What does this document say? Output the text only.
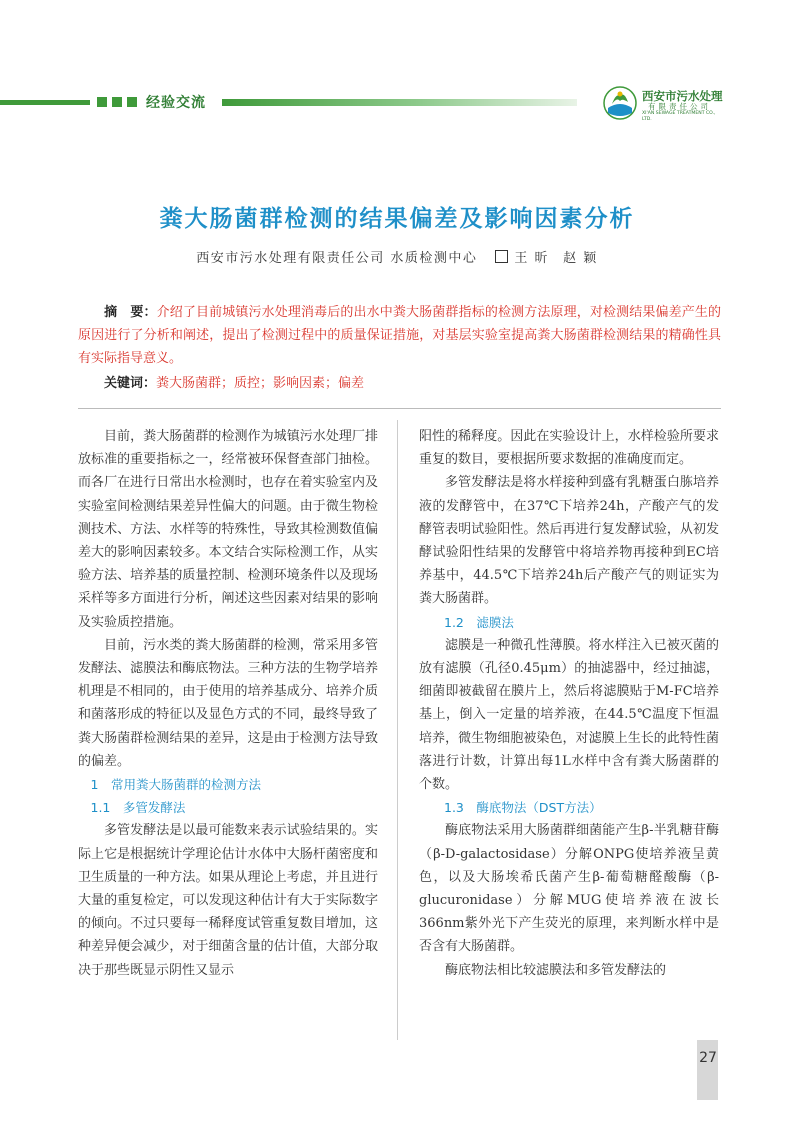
经验交流	西安市污水处理
有限责任公司
XI'AN SEWAGE TREATMENT CO., LTD.
粪大肠菌群检测的结果偏差及影响因素分析
西安市污水处理有限责任公司 水质检测中心	王 昕 赵 颖
摘　要：介绍了目前城镇污水处理消毒后的出水中粪大肠菌群指标的检测方法原理，对检测结果偏差产生的原因进行了分析和阐述，提出了检测过程中的质量保证措施，对基层实验室提高粪大肠菌群检测结果的精确性具有实际指导意义。
关键词：粪大肠菌群；质控；影响因素；偏差

目前，粪大肠菌群的检测作为城镇污水处理厂排放标准的重要指标之一，经常被环保督查部门抽检。而各厂在进行日常出水检测时，也存在着实验室内及实验室间检测结果差异性偏大的问题。由于微生物检测技术、方法、水样等的特殊性，导致其检测数值偏差大的影响因素较多。本文结合实际检测工作，从实验方法、培养基的质量控制、检测环境条件以及现场采样等多方面进行分析，阐述这些因素对结果的影响及实验质控措施。

目前，污水类的粪大肠菌群的检测，常采用多管发酵法、滤膜法和酶底物法。三种方法的生物学培养机理是不相同的，由于使用的培养基成分、培养介质和菌落形成的特征以及显色方式的不同，最终导致了粪大肠菌群检测结果的差异，这是由于检测方法导致的偏差。

1　常用粪大肠菌群的检测方法

1.1　多管发酵法

多管发酵法是以最可能数来表示试验结果的。实际上它是根据统计学理论估计水体中大肠杆菌密度和卫生质量的一种方法。如果从理论上考虑，并且进行大量的重复检定，可以发现这种估计有大于实际数字的倾向。不过只要每一稀释度试管重复数目增加，这种差异便会减少，对于细菌含量的估计值，大部分取决于那些既显示阴性又显示

阳性的稀释度。因此在实验设计上，水样检验所要求重复的数目，要根据所要求数据的准确度而定。

多管发酵法是将水样接种到盛有乳糖蛋白胨培养液的发酵管中，在37℃下培养24h，产酸产气的发酵管表明试验阳性。然后再进行复发酵试验，从初发酵试验阳性结果的发酵管中将培养物再接种到EC培养基中，44.5℃下培养24h后产酸产气的则证实为粪大肠菌群。

1.2　滤膜法

滤膜是一种微孔性薄膜。将水样注入已被灭菌的放有滤膜（孔径0.45μm）的抽滤器中，经过抽滤，细菌即被截留在膜片上，然后将滤膜贴于M-FC培养基上，倒入一定量的培养液，在44.5℃温度下恒温培养，微生物细胞被染色，对滤膜上生长的此特性菌落进行计数，计算出每1L水样中含有粪大肠菌群的个数。

1.3　酶底物法（DST方法）

酶底物法采用大肠菌群细菌能产生β-半乳糖苷酶（β-D-galactosidase）分解ONPG使培养液呈黄色，以及大肠埃希氏菌产生β-葡萄糖醛酸酶（β-glucuronidase）分解MUG使培养液在波长366nm紫外光下产生荧光的原理，来判断水样中是否含有大肠菌群。

酶底物法相比较滤膜法和多管发酵法的

27
